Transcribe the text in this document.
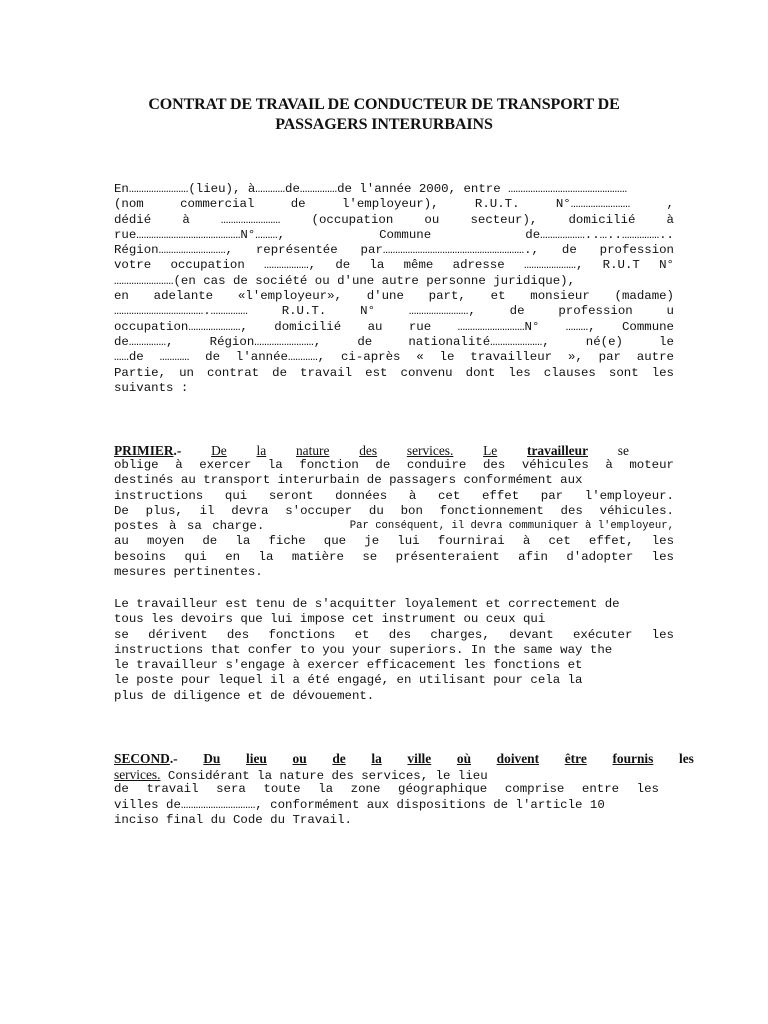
CONTRAT DE TRAVAIL DE CONDUCTEUR DE TRANSPORT DE
PASSAGERS INTERURBAINS
En……………………(lieu), à…………de……………de l'année 2000, entre …………………………………………
(nom commercial de l'employeur), R.U.T. N°…………………… ,
dédié à …………………… (occupation ou secteur), domicilié à
rue……………………………………N°………, Commune de………………..…..……………..
Région………………………, représentée par…………………………………………………., de profession
votre occupation ………………, de la même adresse …………………, R.U.T N°
……………………(en cas de société ou d'une autre personne juridique),
en adelante «l'employeur», d'une part, et monsieur (madame)
……………………………….…………… R.U.T. N° ……………………, de profession u
occupation…………………, domicilié au rue ………………………N° ………, Commune
de……………, Région……………………, de nationalité…………………, né(e) le
……de ………… de l'année…………, ci-après « le travailleur », par autre
Partie, un contrat de travail est convenu dont les clauses sont les
suivants :
PRIMIER.- De la nature des services. Le travailleur se
oblige à exercer la fonction de conduire des véhicules à moteur
destinés au transport interurbain de passagers conformément aux
instructions qui seront données à cet effet par l'employeur.
De plus, il devra s'occuper du bon fonctionnement des véhicules.
postes à sa charge.	Par conséquent, il devra communiquer à l'employeur,
au moyen de la fiche que je lui fournirai à cet effet, les
besoins qui en la matière se présenteraient afin d'adopter les
mesures pertinentes.
Le travailleur est tenu de s'acquitter loyalement et correctement de
tous les devoirs que lui impose cet instrument ou ceux qui
se dérivent des fonctions et des charges, devant exécuter les
instructions that confer to you your superiors. In the same way the
le travailleur s'engage à exercer efficacement les fonctions et
le poste pour lequel il a été engagé, en utilisant pour cela la
plus de diligence et de dévouement.
SECOND.- Du lieu ou de la ville où doivent être fournis les
services. Considérant la nature des services, le lieu
de travail sera toute la zone géographique comprise entre les
villes de…………………………, conformément aux dispositions de l'article 10
inciso final du Code du Travail.
